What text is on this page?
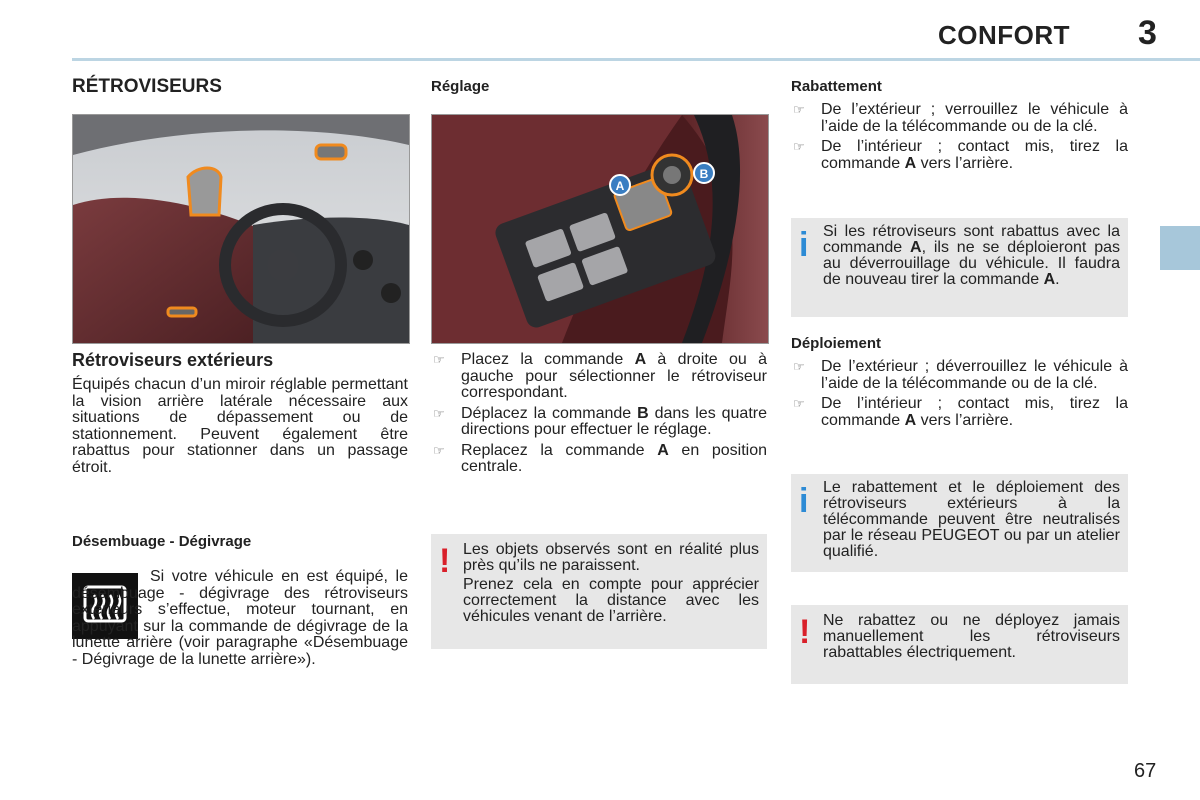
CONFORT 3
RÉTROVISEURS
Rétroviseurs extérieurs

Équipés chacun d’un miroir réglable permettant la vision arrière latérale nécessaire aux situations de dépassement ou de stationnement. Peuvent également être rabattus pour stationner dans un passage étroit.

Désembuage - Dégivrage

Si votre véhicule en est équipé, le désembuage - dégivrage des rétroviseurs extérieurs s’effectue, moteur tournant, en appuyant sur la commande de dégivrage de la lunette arrière (voir paragraphe «Désembuage - Dégivrage de la lunette arrière»).

Réglage
A
B
☞ Placez la commande A à droite ou à gauche pour sélectionner le rétroviseur correspondant.
☞ Déplacez la commande B dans les quatre directions pour effectuer le réglage.
☞ Replacez la commande A en position centrale.
! Les objets observés sont en réalité plus près qu’ils ne paraissent.

Prenez cela en compte pour apprécier correctement la distance avec les véhicules venant de l’arrière.

Rabattement
☞ De l’extérieur ; verrouillez le véhicule à l’aide de la télécommande ou de la clé.
☞ De l’intérieur ; contact mis, tirez la commande A vers l’arrière.
i Si les rétroviseurs sont rabattus avec la commande A, ils ne se déploieront pas au déverrouillage du véhicule. Il faudra de nouveau tirer la commande A.

Déploiement
☞ De l’extérieur ; déverrouillez le véhicule à l’aide de la télécommande ou de la clé.
☞ De l’intérieur ; contact mis, tirez la commande A vers l’arrière.
i Le rabattement et le déploiement des rétroviseurs extérieurs à la télécommande peuvent être neutralisés par le réseau PEUGEOT ou par un atelier qualifié.

! Ne rabattez ou ne déployez jamais manuellement les rétroviseurs rabattables électriquement.

67
